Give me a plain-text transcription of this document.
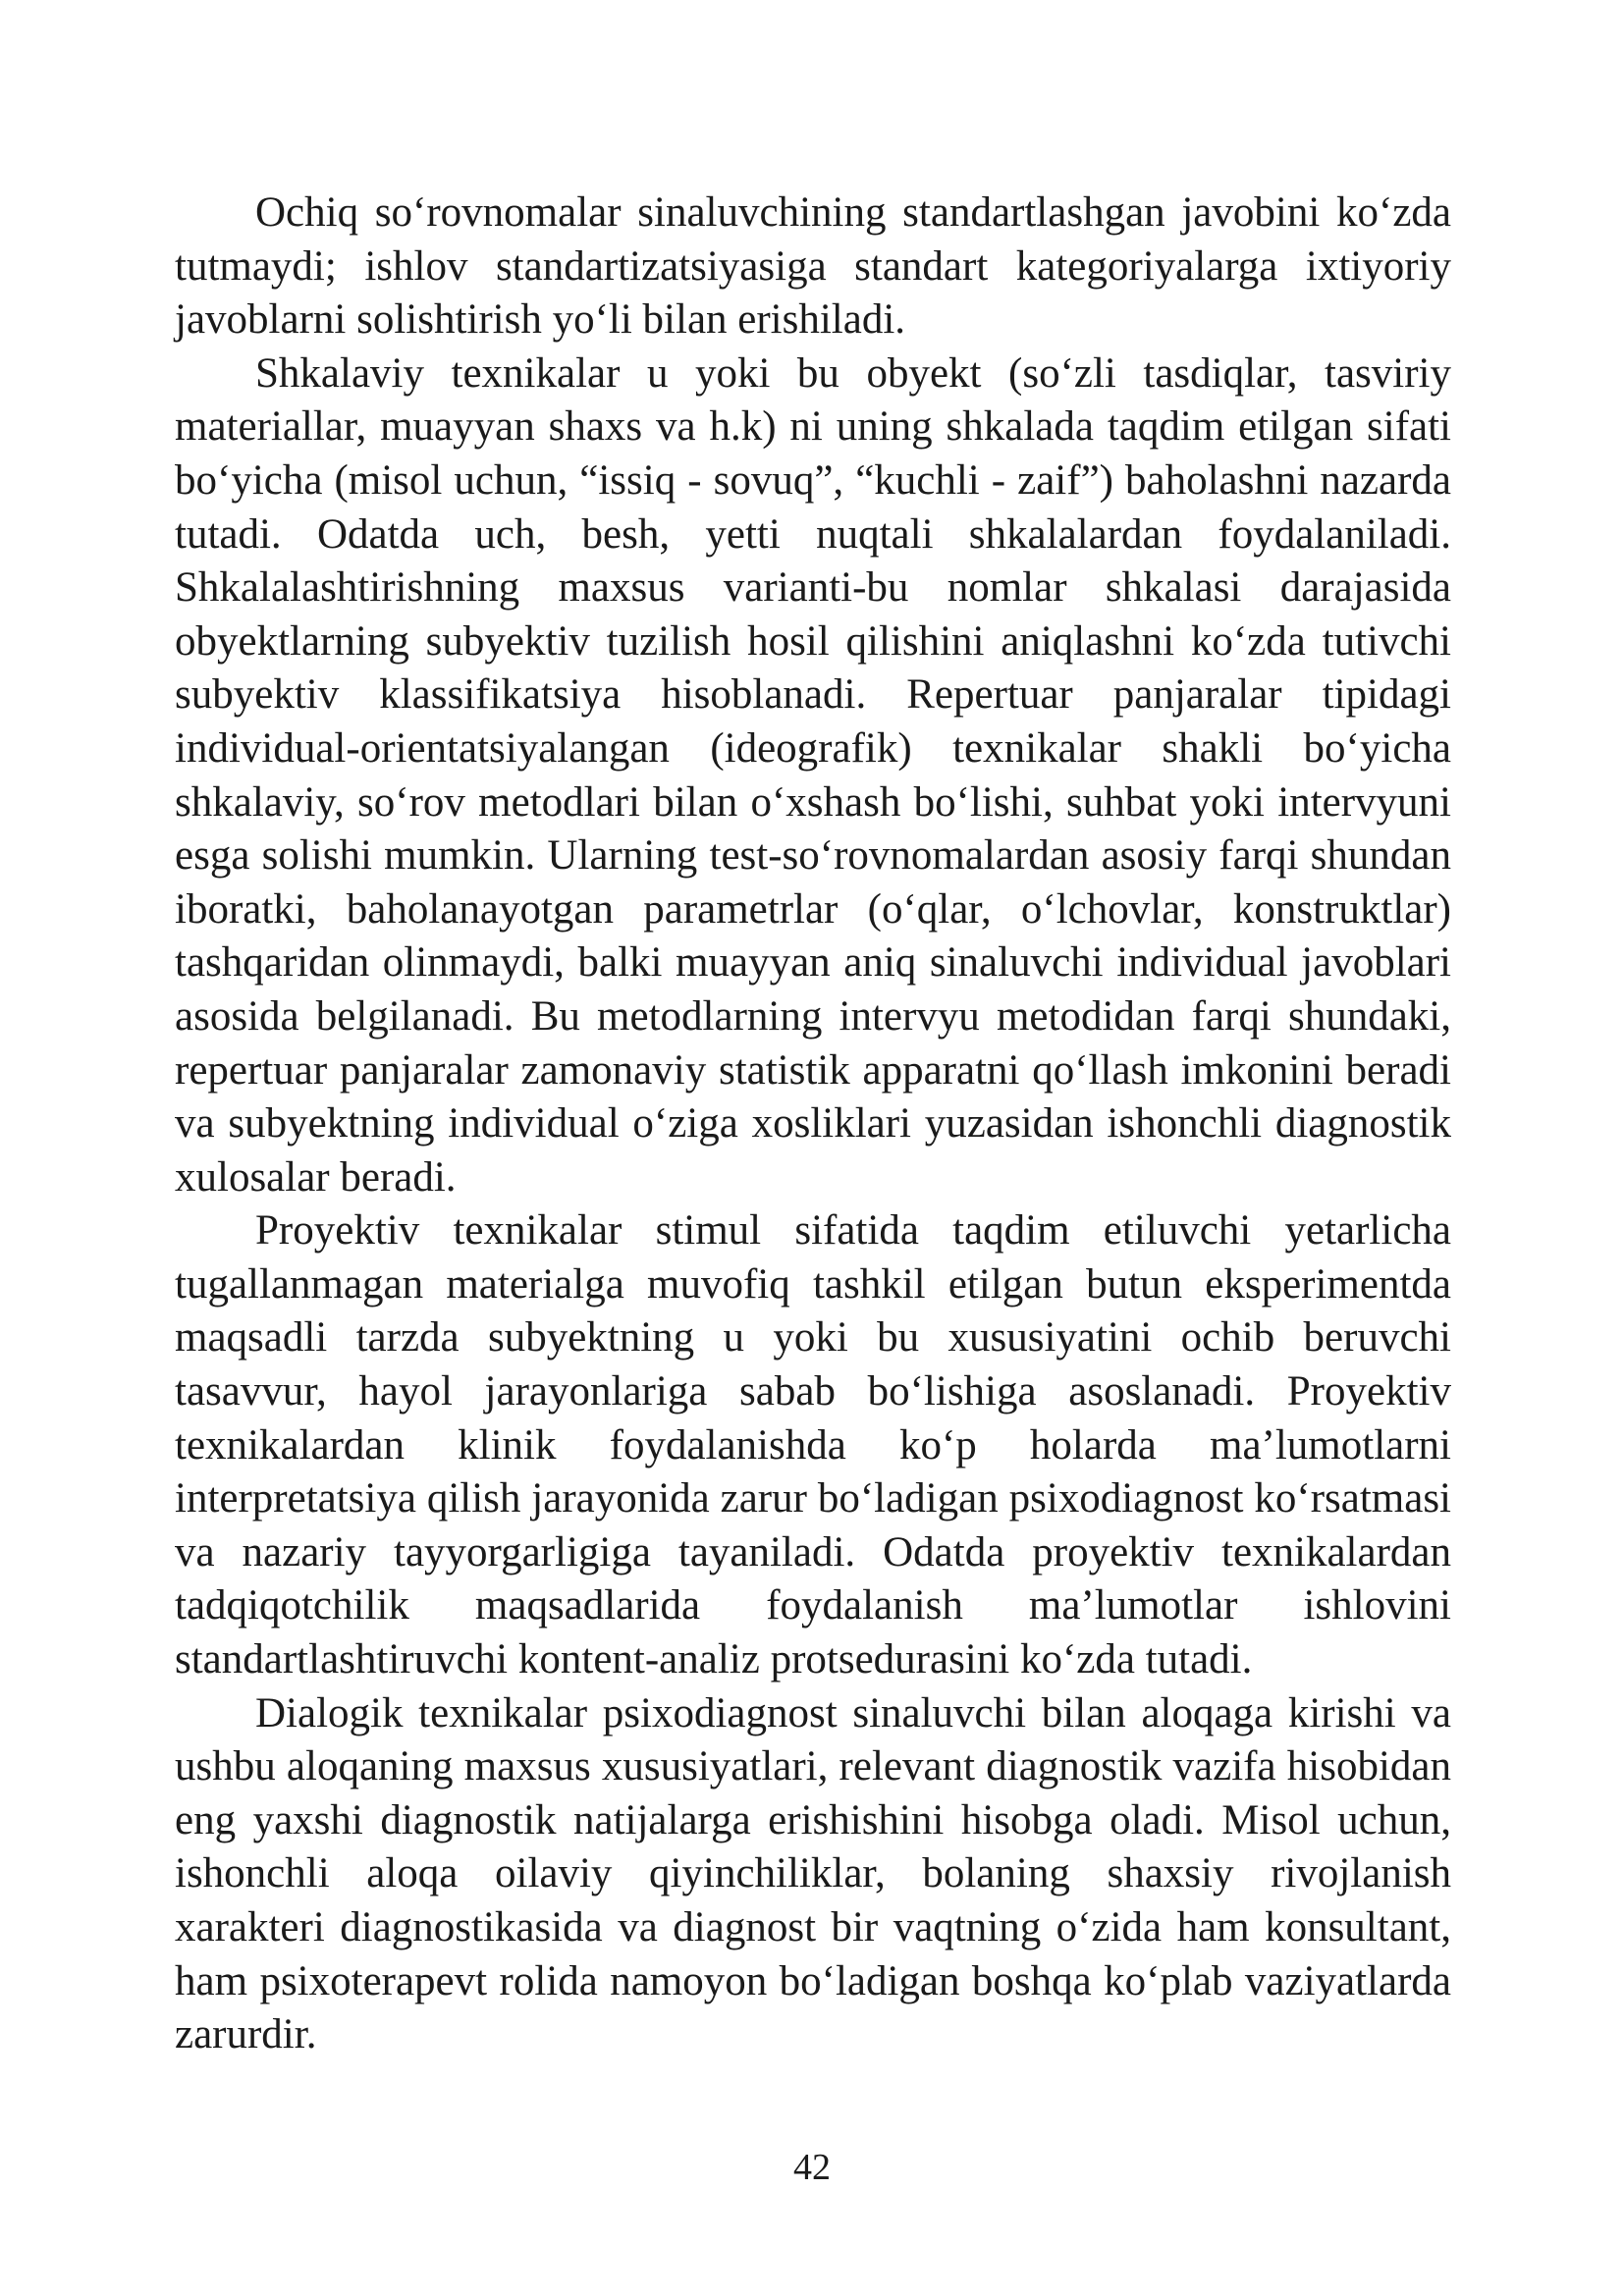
Ochiq so‘rovnomalar sinaluvchining standartlashgan javobini ko‘zda tutmaydi; ishlov standartizatsiyasiga standart kategoriyalarga ixtiyoriy javoblarni solishtirish yo‘li bilan erishiladi.

Shkalaviy texnikalar u yoki bu obyekt (so‘zli tasdiqlar, tasviriy materiallar, muayyan shaxs va h.k) ni uning shkalada taqdim etilgan sifati bo‘yicha (misol uchun, “issiq - sovuq”, “kuchli - zaif”) baholashni nazarda tutadi. Odatda uch, besh, yetti nuqtali shkalalardan foydalaniladi. Shkalalashtirishning maxsus varianti-bu nomlar shkalasi darajasida obyektlarning subyektiv tuzilish hosil qilishini aniqlashni ko‘zda tutivchi subyektiv klassifikatsiya hisoblanadi. Repertuar panjaralar tipidagi individual-orientatsiyalangan (ideografik) texnikalar shakli bo‘yicha shkalaviy, so‘rov metodlari bilan o‘xshash bo‘lishi, suhbat yoki intervyuni esga solishi mumkin. Ularning test-so‘rovnomalardan asosiy farqi shundan iboratki, baholanayotgan parametrlar (o‘qlar, o‘lchovlar, konstruktlar) tashqaridan olinmaydi, balki muayyan aniq sinaluvchi individual javoblari asosida belgilanadi. Bu metodlarning intervyu metodidan farqi shundaki, repertuar panjaralar zamonaviy statistik apparatni qo‘llash imkonini beradi va subyektning individual o‘ziga xosliklari yuzasidan ishonchli diagnostik xulosalar beradi.

Proyektiv texnikalar stimul sifatida taqdim etiluvchi yetarlicha tugallanmagan materialga muvofiq tashkil etilgan butun eksperimentda maqsadli tarzda subyektning u yoki bu xususiyatini ochib beruvchi tasavvur, hayol jarayonlariga sabab bo‘lishiga asoslanadi. Proyektiv texnikalardan klinik foydalanishda ko‘p holarda ma’lumotlarni interpretatsiya qilish jarayonida zarur bo‘ladigan psixodiagnost ko‘rsatmasi va nazariy tayyorgarligiga tayaniladi. Odatda proyektiv texnikalardan tadqiqotchilik maqsadlarida foydalanish ma’lumotlar ishlovini standartlashtiruvchi kontent-analiz protsedurasini ko‘zda tutadi.

Dialogik texnikalar psixodiagnost sinaluvchi bilan aloqaga kirishi va ushbu aloqaning maxsus xususiyatlari, relevant diagnostik vazifa hisobidan eng yaxshi diagnostik natijalarga erishishini hisobga oladi. Misol uchun, ishonchli aloqa oilaviy qiyinchiliklar, bolaning shaxsiy rivojlanish xarakteri diagnostikasida va diagnost bir vaqtning o‘zida ham konsultant, ham psixoterapevt rolida namoyon bo‘ladigan boshqa ko‘plab vaziyatlarda zarurdir.

42
